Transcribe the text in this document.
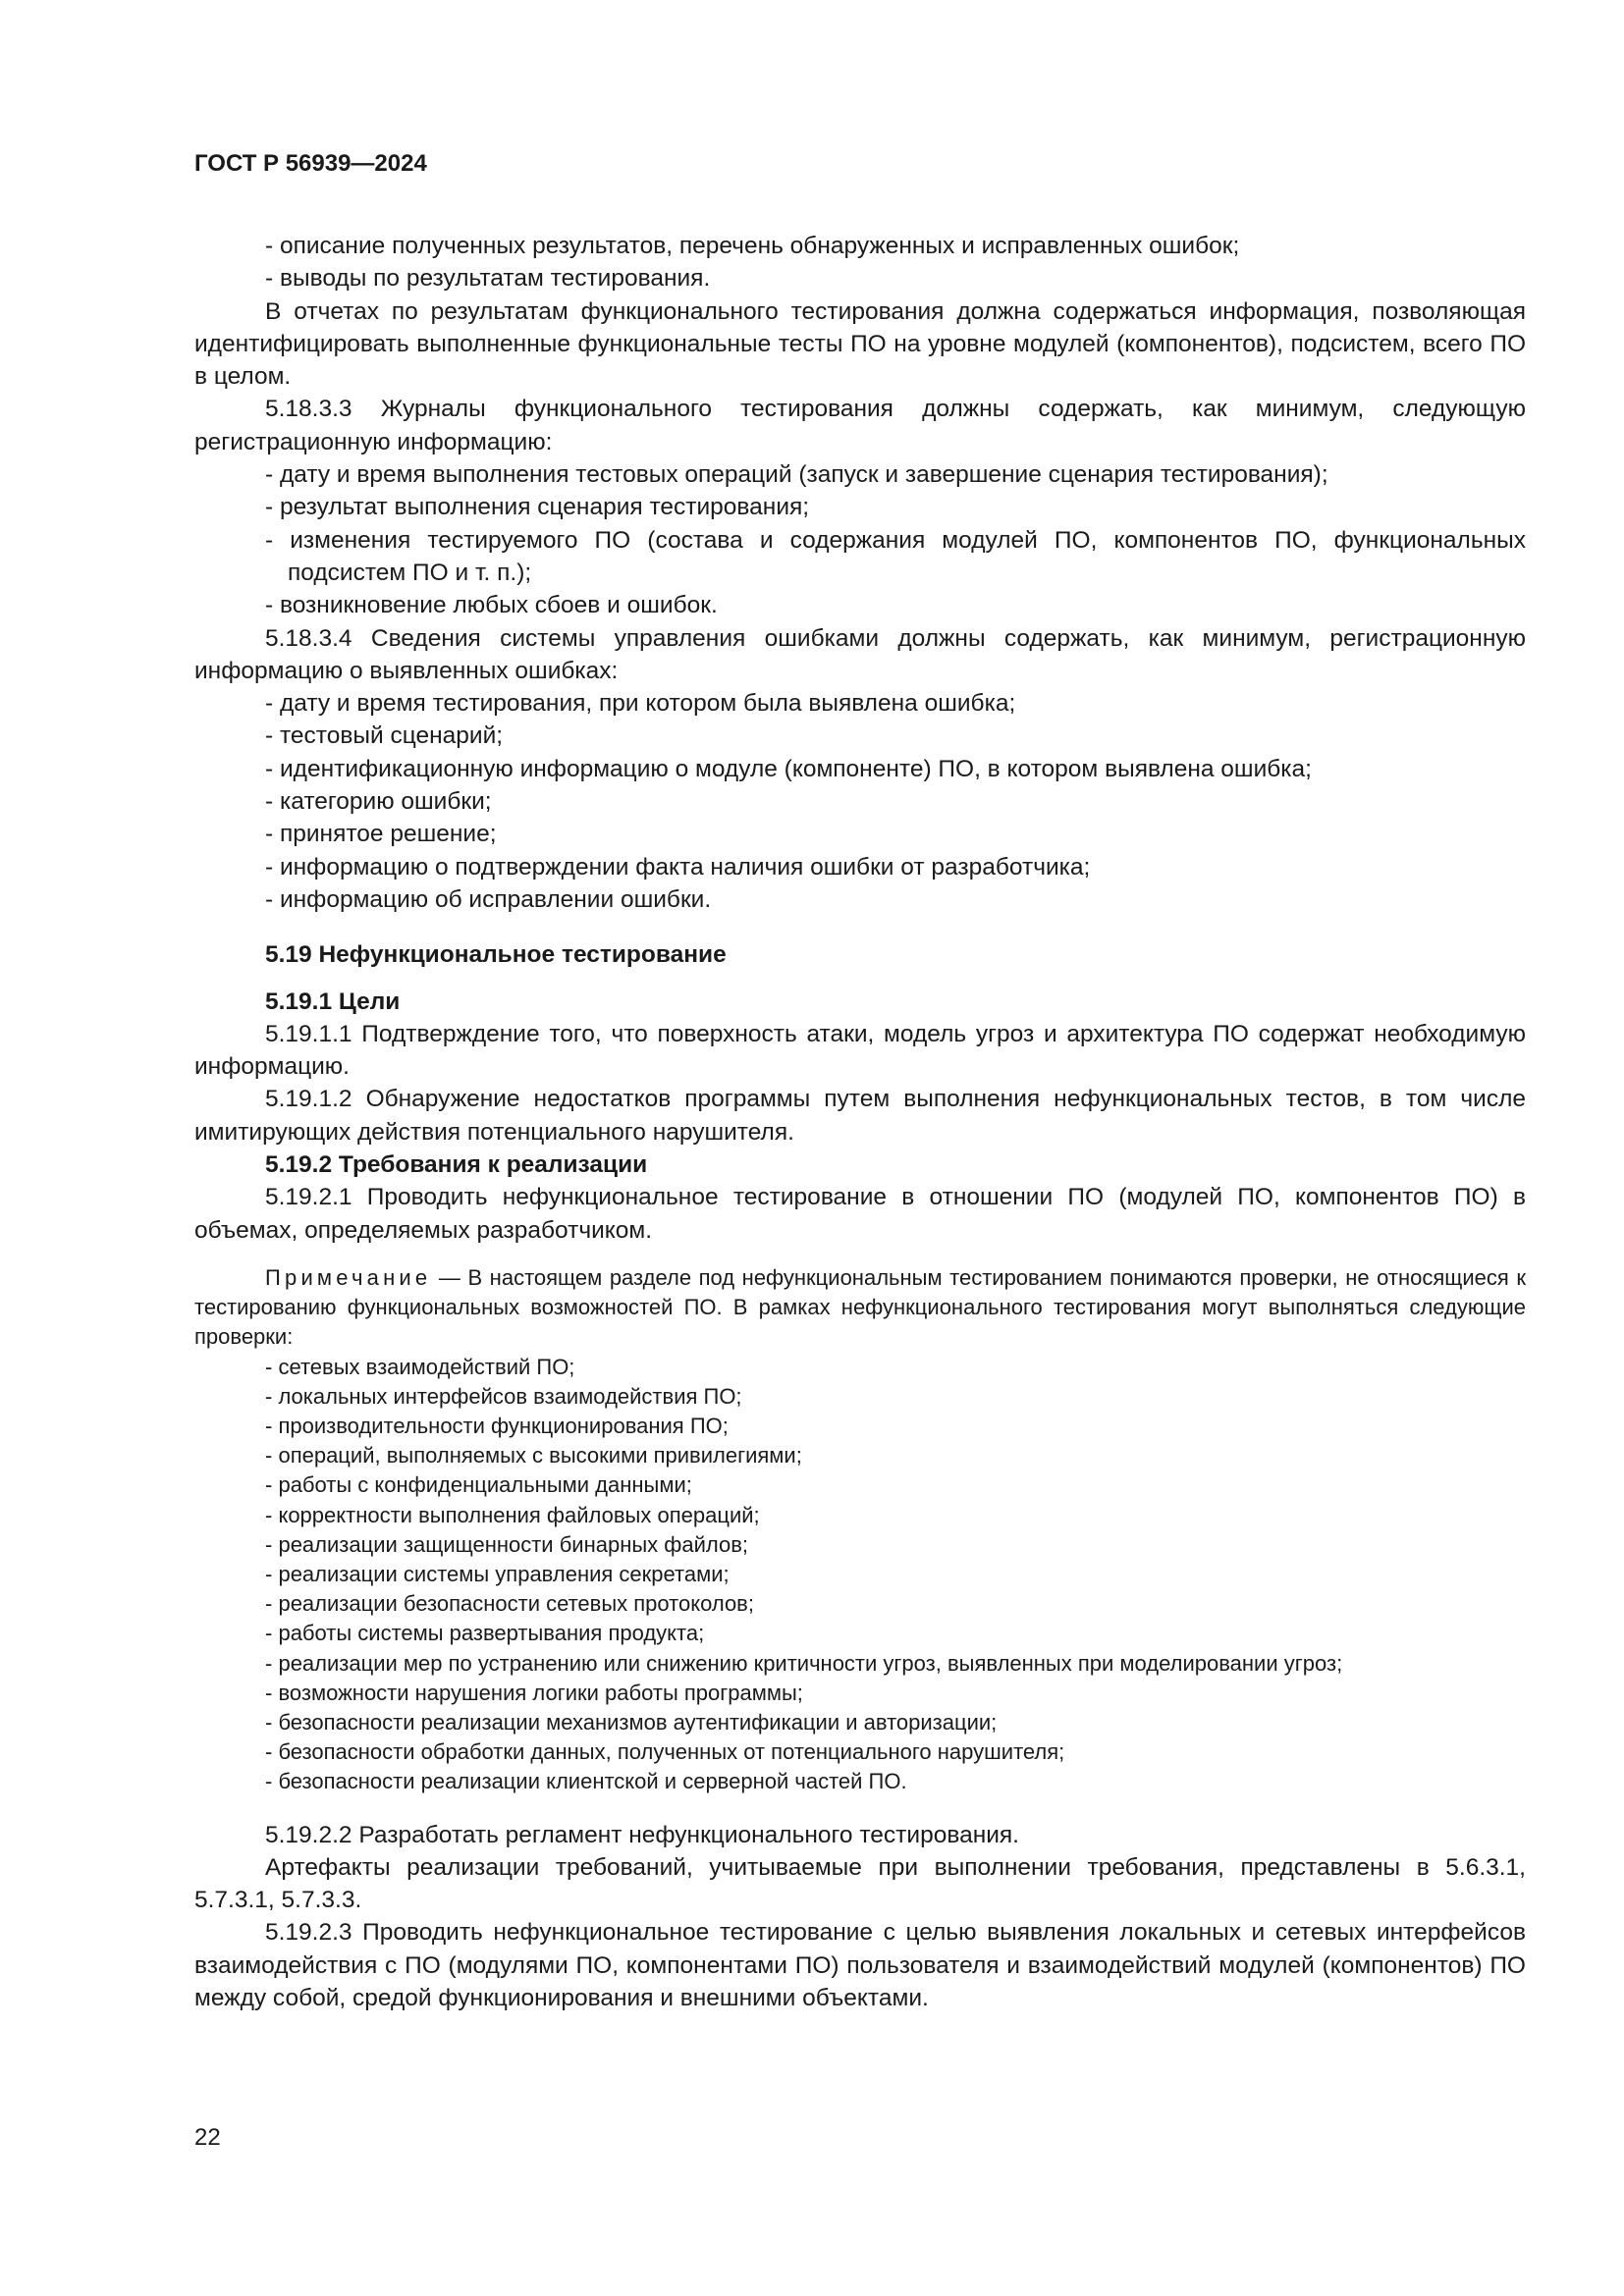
ГОСТ Р 56939—2024

- описание полученных результатов, перечень обнаруженных и исправленных ошибок;

- выводы по результатам тестирования.

В отчетах по результатам функционального тестирования должна содержаться информация, позволяющая идентифицировать выполненные функциональные тесты ПО на уровне модулей (компонентов), подсистем, всего ПО в целом.

5.18.3.3 Журналы функционального тестирования должны содержать, как минимум, следующую регистрационную информацию:

- дату и время выполнения тестовых операций (запуск и завершение сценария тестирования);

- результат выполнения сценария тестирования;

- изменения тестируемого ПО (состава и содержания модулей ПО, компонентов ПО, функциональных подсистем ПО и т. п.);

- возникновение любых сбоев и ошибок.

5.18.3.4 Сведения системы управления ошибками должны содержать, как минимум, регистрационную информацию о выявленных ошибках:

- дату и время тестирования, при котором была выявлена ошибка;

- тестовый сценарий;

- идентификационную информацию о модуле (компоненте) ПО, в котором выявлена ошибка;

- категорию ошибки;

- принятое решение;

- информацию о подтверждении факта наличия ошибки от разработчика;

- информацию об исправлении ошибки.

5.19 Нефункциональное тестирование

5.19.1 Цели

5.19.1.1 Подтверждение того, что поверхность атаки, модель угроз и архитектура ПО содержат необходимую информацию.

5.19.1.2 Обнаружение недостатков программы путем выполнения нефункциональных тестов, в том числе имитирующих действия потенциального нарушителя.

5.19.2 Требования к реализации

5.19.2.1 Проводить нефункциональное тестирование в отношении ПО (модулей ПО, компонентов ПО) в объемах, определяемых разработчиком.

Примечание — В настоящем разделе под нефункциональным тестированием понимаются проверки, не относящиеся к тестированию функциональных возможностей ПО. В рамках нефункционального тестирования могут выполняться следующие проверки:

- сетевых взаимодействий ПО;

- локальных интерфейсов взаимодействия ПО;

- производительности функционирования ПО;

- операций, выполняемых с высокими привилегиями;

- работы с конфиденциальными данными;

- корректности выполнения файловых операций;

- реализации защищенности бинарных файлов;

- реализации системы управления секретами;

- реализации безопасности сетевых протоколов;

- работы системы развертывания продукта;

- реализации мер по устранению или снижению критичности угроз, выявленных при моделировании угроз;

- возможности нарушения логики работы программы;

- безопасности реализации механизмов аутентификации и авторизации;

- безопасности обработки данных, полученных от потенциального нарушителя;

- безопасности реализации клиентской и серверной частей ПО.

5.19.2.2 Разработать регламент нефункционального тестирования.

Артефакты реализации требований, учитываемые при выполнении требования, представлены в 5.6.3.1, 5.7.3.1, 5.7.3.3.

5.19.2.3 Проводить нефункциональное тестирование с целью выявления локальных и сетевых интерфейсов взаимодействия с ПО (модулями ПО, компонентами ПО) пользователя и взаимодействий модулей (компонентов) ПО между собой, средой функционирования и внешними объектами.

22
